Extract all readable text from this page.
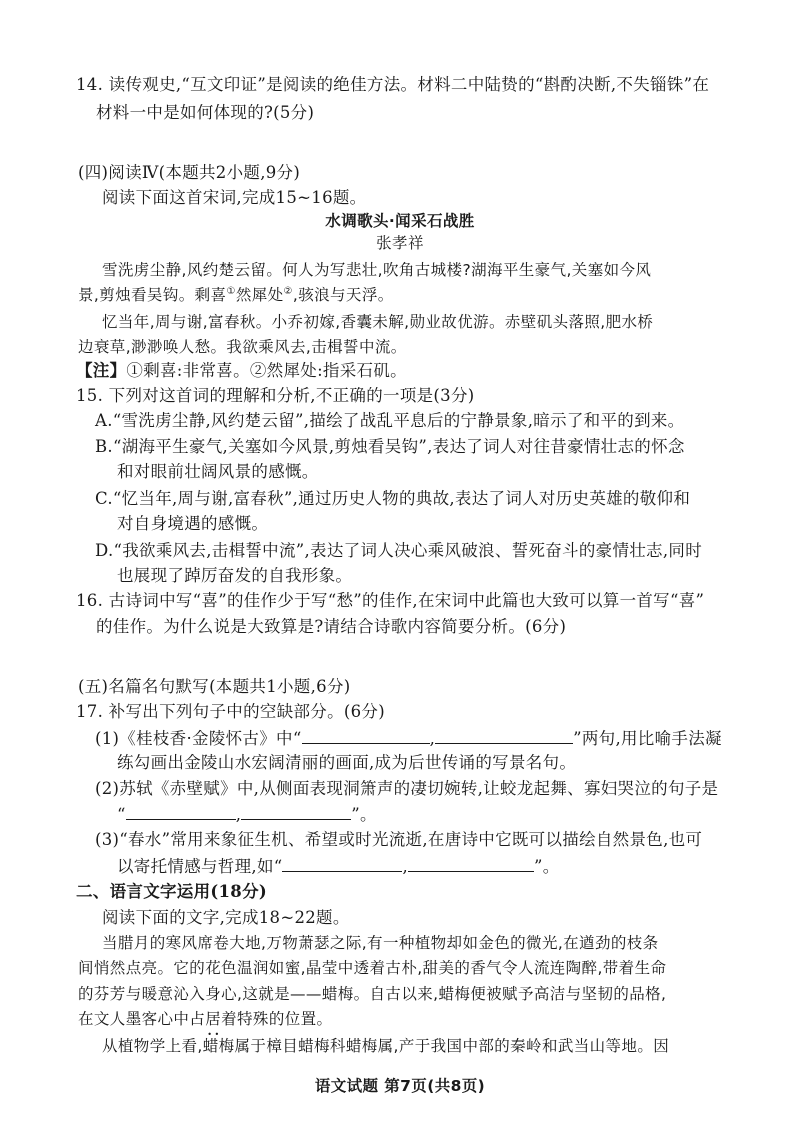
14. 读传观史,“互文印证”是阅读的绝佳方法。材料二中陆贽的“斟酌决断,不失锱铢”在
材料一中是如何体现的?(5分)
(四)阅读Ⅳ(本题共2小题,9分)
阅读下面这首宋词,完成15~16题。
水调歌头·闻采石战胜
张孝祥
雪洗虏尘静,风约楚云留。何人为写悲壮,吹角古城楼?湖海平生豪气,关塞如今风
景,剪烛看吴钩。剩喜①然犀处②,骇浪与天浮。
忆当年,周与谢,富春秋。小乔初嫁,香囊未解,勋业故优游。赤壁矶头落照,肥水桥
边衰草,渺渺唤人愁。我欲乘风去,击楫誓中流。
【注】①剩喜:非常喜。②然犀处:指采石矶。
15. 下列对这首词的理解和分析,不正确的一项是(3分)
A.“雪洗虏尘静,风约楚云留”,描绘了战乱平息后的宁静景象,暗示了和平的到来。
B.“湖海平生豪气,关塞如今风景,剪烛看吴钩”,表达了词人对往昔豪情壮志的怀念
和对眼前壮阔风景的感慨。
C.“忆当年,周与谢,富春秋”,通过历史人物的典故,表达了词人对历史英雄的敬仰和
对自身境遇的感慨。
D.“我欲乘风去,击楫誓中流”,表达了词人决心乘风破浪、誓死奋斗的豪情壮志,同时
也展现了踔厉奋发的自我形象。
16. 古诗词中写“喜”的佳作少于写“愁”的佳作,在宋词中此篇也大致可以算一首写“喜”
的佳作。为什么说是大致算是?请结合诗歌内容简要分析。(6分)
(五)名篇名句默写(本题共1小题,6分)
17. 补写出下列句子中的空缺部分。(6分)
(1)《桂枝香·金陵怀古》中“	,	”两句,用比喻手法凝
练勾画出金陵山水宏阔清丽的画面,成为后世传诵的写景名句。
(2)苏轼《赤壁赋》中,从侧面表现洞箫声的凄切婉转,让蛟龙起舞、寡妇哭泣的句子是
“	,	”。
(3)“春水”常用来象征生机、希望或时光流逝,在唐诗中它既可以描绘自然景色,也可
以寄托情感与哲理,如“	,	”。
二、语言文字运用(18分)
阅读下面的文字,完成18~22题。
当腊月的寒风席卷大地,万物萧瑟之际,有一种植物却如金色的微光,在遒劲的枝条
间悄然点亮。它的花色温润如蜜,晶莹中透着古朴,甜美的香气令人流连陶醉,带着生命
的芬芳与暖意沁入身心,这就是——蜡梅。自古以来,蜡梅便被赋予高洁与坚韧的品格,
在文人墨客心中占居着 • •特殊的位置。
从植物学上看,蜡梅属于樟目蜡梅科蜡梅属,产于我国中部的秦岭和武当山等地。因
语文试题 第7页(共8页)
